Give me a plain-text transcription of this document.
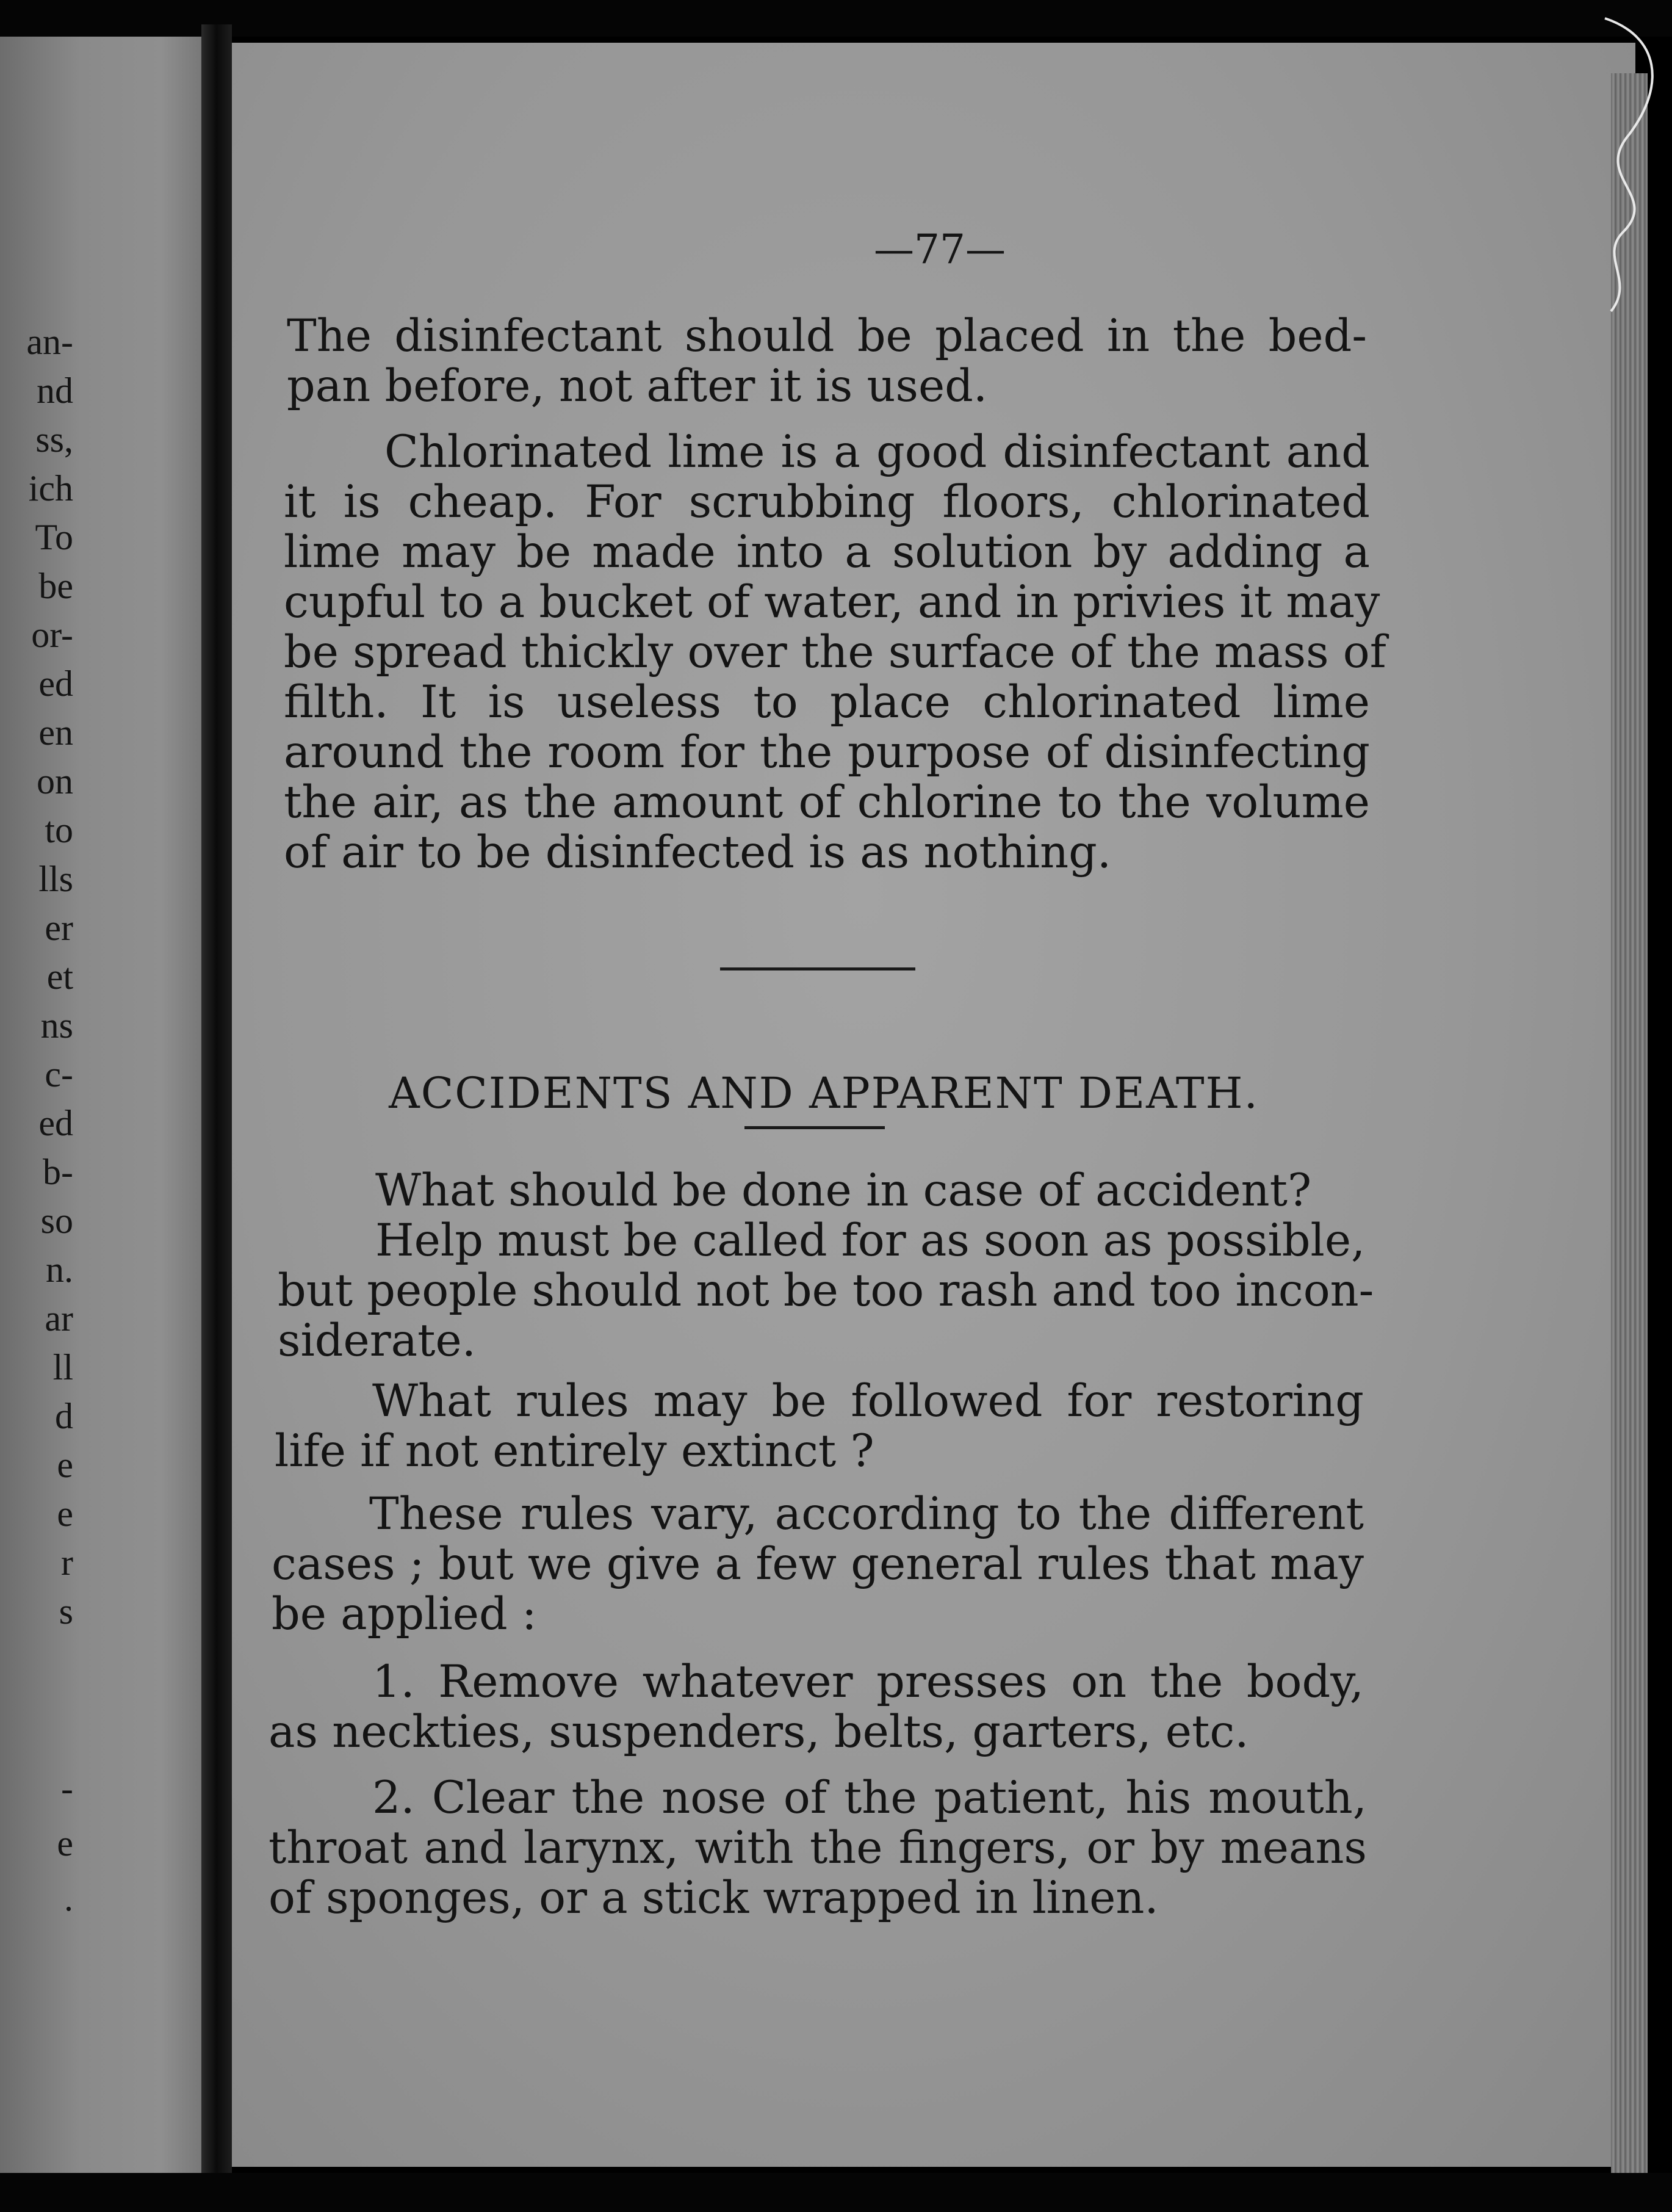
an-
nd
ss,
ich
To
be
or-
ed
en
on
to
lls
er
et
ns
c-
ed
b-
so
n.
ar
ll
d
e
e
r
s
-
e
.
—77—
The disinfectant should be placed in the bed-
pan before, not after it is used.
Chlorinated lime is a good disinfectant and
it is cheap. For scrubbing floors, chlorinated
lime may be made into a solution by adding a
cupful to a bucket of water, and in privies it may
be spread thickly over the surface of the mass of
filth. It is useless to place chlorinated lime
around the room for the purpose of disinfecting
the air, as the amount of chlorine to the volume
of air to be disinfected is as nothing.
ACCIDENTS AND APPARENT DEATH.
What should be done in case of accident?
Help must be called for as soon as possible,
but people should not be too rash and too incon-
siderate.
What rules may be followed for restoring
life if not entirely extinct ?
These rules vary, according to the different
cases ; but we give a few general rules that may
be applied :
1. Remove whatever presses on the body,
as neckties, suspenders, belts, garters, etc.
2. Clear the nose of the patient, his mouth,
throat and larynx, with the fingers, or by means
of sponges, or a stick wrapped in linen.
